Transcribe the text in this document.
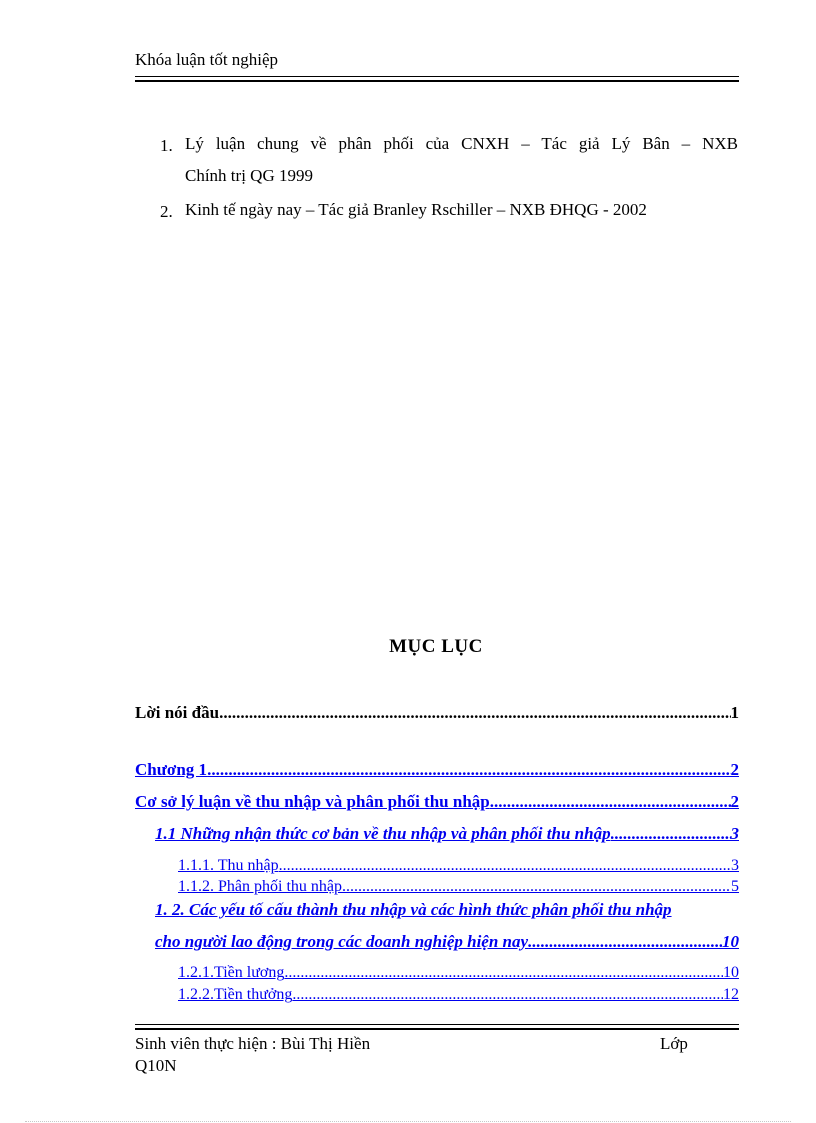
Khóa luận tốt nghiệp
1. Lý luận chung về phân phối của CNXH – Tác giả Lý Bân – NXB
Chính trị QG 1999
2. Kinh tế ngày nay – Tác giả Branley Rschiller – NXB ĐHQG - 2002
MỤC LỤC
Lời nói đầu .....	1
Chương 1 .....	2
Cơ sở lý luận về thu nhập và phân phối thu nhập .....	2
1.1 Những nhận thức cơ bản về thu nhập và phân phối thu nhập .....	3
1.1.1. Thu nhập .....	3
1.1.2. Phân phối thu nhập .....	5
1. 2. Các yếu tố cấu thành thu nhập và các hình thức phân phối thu nhập
cho người lao động trong các doanh nghiệp hiện nay .....	10
1.2.1.Tiền lương .....	10
1.2.2.Tiền thưởng .....	12
Sinh viên thực hiện : Bùi Thị Hiền	Lớp
Q10N
